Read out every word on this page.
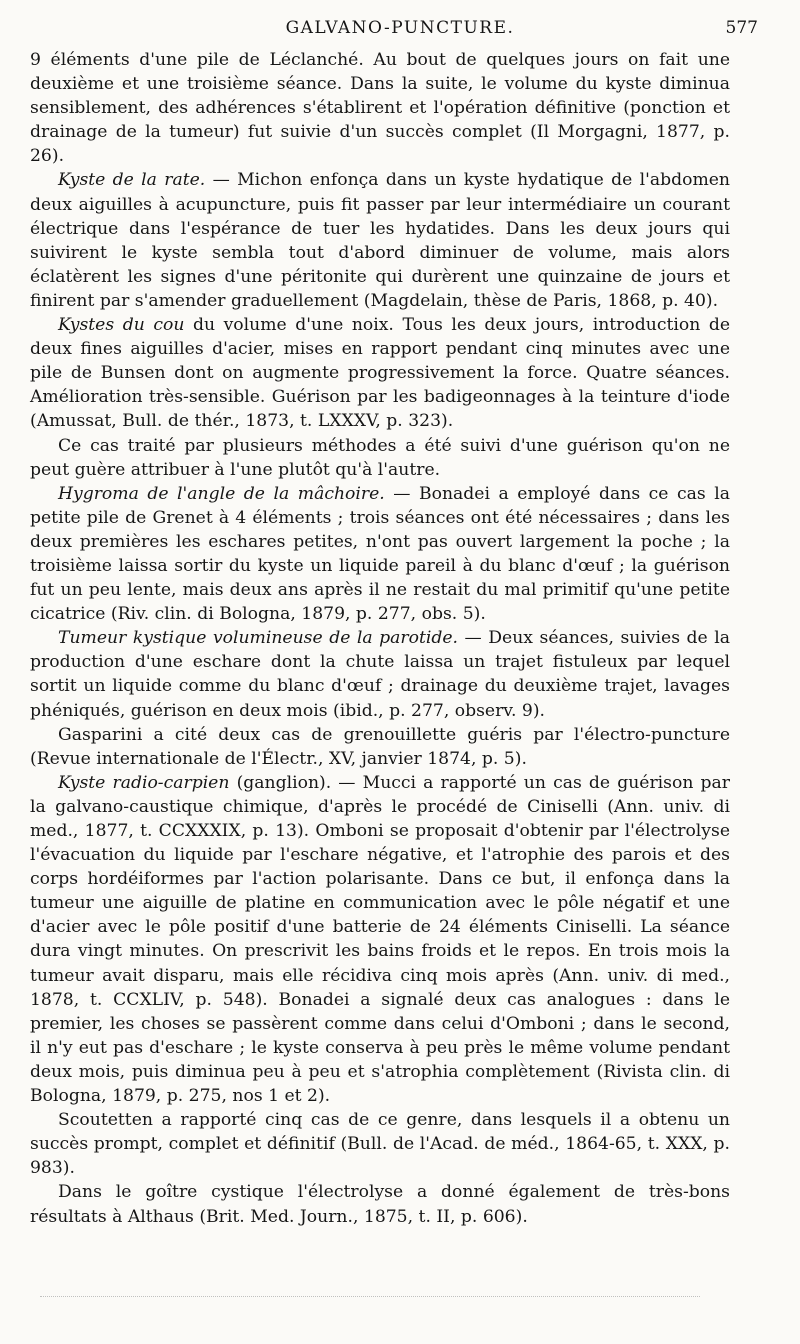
GALVANO-PUNCTURE.	577

9 éléments d'une pile de Léclanché. Au bout de quelques jours on fait une deuxième et une troisième séance. Dans la suite, le volume du kyste diminua sensiblement, des adhérences s'établirent et l'opération définitive (ponction et drainage de la tumeur) fut suivie d'un succès complet (Il Morgagni, 1877, p. 26).

Kyste de la rate. — Michon enfonça dans un kyste hydatique de l'abdomen deux aiguilles à acupuncture, puis fit passer par leur intermédiaire un courant électrique dans l'espérance de tuer les hydatides. Dans les deux jours qui suivirent le kyste sembla tout d'abord diminuer de volume, mais alors éclatèrent les signes d'une péritonite qui durèrent une quinzaine de jours et finirent par s'amender graduellement (Magdelain, thèse de Paris, 1868, p. 40).

Kystes du cou du volume d'une noix. Tous les deux jours, introduction de deux fines aiguilles d'acier, mises en rapport pendant cinq minutes avec une pile de Bunsen dont on augmente progressivement la force. Quatre séances. Amélioration très-sensible. Guérison par les badigeonnages à la teinture d'iode (Amussat, Bull. de thér., 1873, t. LXXXV, p. 323).

Ce cas traité par plusieurs méthodes a été suivi d'une guérison qu'on ne peut guère attribuer à l'une plutôt qu'à l'autre.

Hygroma de l'angle de la mâchoire. — Bonadei a employé dans ce cas la petite pile de Grenet à 4 éléments ; trois séances ont été nécessaires ; dans les deux premières les eschares petites, n'ont pas ouvert largement la poche ; la troisième laissa sortir du kyste un liquide pareil à du blanc d'œuf ; la guérison fut un peu lente, mais deux ans après il ne restait du mal primitif qu'une petite cicatrice (Riv. clin. di Bologna, 1879, p. 277, obs. 5).

Tumeur kystique volumineuse de la parotide. — Deux séances, suivies de la production d'une eschare dont la chute laissa un trajet fistuleux par lequel sortit un liquide comme du blanc d'œuf ; drainage du deuxième trajet, lavages phéniqués, guérison en deux mois (ibid., p. 277, observ. 9).

Gasparini a cité deux cas de grenouillette guéris par l'électro-puncture (Revue internationale de l'Électr., XV, janvier 1874, p. 5).

Kyste radio-carpien (ganglion). — Mucci a rapporté un cas de guérison par la galvano-caustique chimique, d'après le procédé de Ciniselli (Ann. univ. di med., 1877, t. CCXXXIX, p. 13). Omboni se proposait d'obtenir par l'électrolyse l'évacuation du liquide par l'eschare négative, et l'atrophie des parois et des corps hordéiformes par l'action polarisante. Dans ce but, il enfonça dans la tumeur une aiguille de platine en communication avec le pôle négatif et une d'acier avec le pôle positif d'une batterie de 24 éléments Ciniselli. La séance dura vingt minutes. On prescrivit les bains froids et le repos. En trois mois la tumeur avait disparu, mais elle récidiva cinq mois après (Ann. univ. di med., 1878, t. CCXLIV, p. 548). Bonadei a signalé deux cas analogues : dans le premier, les choses se passèrent comme dans celui d'Omboni ; dans le second, il n'y eut pas d'eschare ; le kyste conserva à peu près le même volume pendant deux mois, puis diminua peu à peu et s'atrophia complètement (Rivista clin. di Bologna, 1879, p. 275, nos 1 et 2).

Scoutetten a rapporté cinq cas de ce genre, dans lesquels il a obtenu un succès prompt, complet et définitif (Bull. de l'Acad. de méd., 1864-65, t. XXX, p. 983).

Dans le goître cystique l'électrolyse a donné également de très-bons résultats à Althaus (Brit. Med. Journ., 1875, t. II, p. 606).
